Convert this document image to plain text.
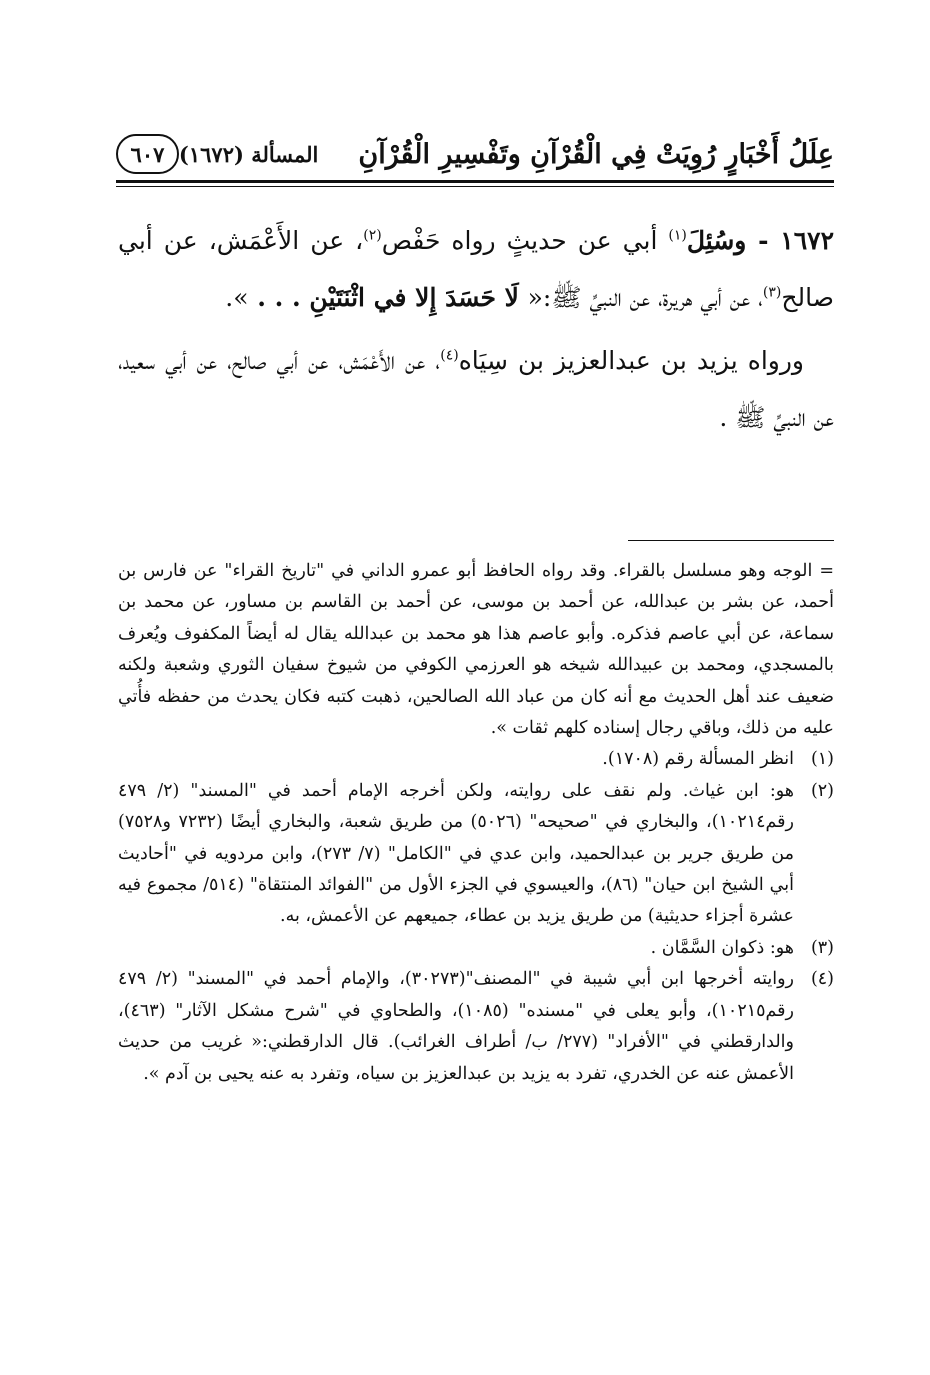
عِلَلُ أَخْبَارٍ رُوِيَتْ فِي الْقُرْآنِ وتَفْسِيرِ الْقُرْآنِ
المسألة (١٦٧٢)
٦٠٧

١٦٧٢ - وسُئِلَ$^{(١)}$ أبي عن حديثٍ رواه حَفْص$^{(٢)}$، عن الأَعْمَش، عن أبي صالح$^{(٣)}$، عن أبي هريرة، عن النبيِّ ﷺ:« لَا حَسَدَ إِلا في اثْنَتَيْنِ . . . ».

ورواه يزيد بن عبدالعزيز بن سِيَاه$^{(٤)}$، عن الأَعْمَش، عن أبي صالح، عن أبي سعيد، عن النبيِّ ﷺ .

= الوجه وهو مسلسل بالقراء. وقد رواه الحافظ أبو عمرو الداني في "تاريخ القراء" عن فارس بن أحمد، عن بشر بن عبدالله، عن أحمد بن موسى، عن أحمد بن القاسم بن مساور، عن محمد بن سماعة، عن أبي عاصم فذكره. وأبو عاصم هذا هو محمد بن عبدالله يقال له أيضاً المكفوف ويُعرف بالمسجدي، ومحمد بن عبيدالله شيخه هو العرزمي الكوفي من شيوخ سفيان الثوري وشعبة ولكنه ضعيف عند أهل الحديث مع أنه كان من عباد الله الصالحين، ذهبت كتبه فكان يحدث من حفظه فأُتي عليه من ذلك، وباقي رجال إسناده كلهم ثقات ».
(١)
انظر المسألة رقم (١٧٠٨).
(٢)
هو: ابن غياث. ولم نقف على روايته، ولكن أخرجه الإمام أحمد في "المسند" (٢/ ٤٧٩ رقم١٠٢١٤)، والبخاري في "صحيحه" (٥٠٢٦) من طريق شعبة، والبخاري أيضًا (٧٢٣٢ و٧٥٢٨) من طريق جرير بن عبدالحميد، وابن عدي في "الكامل" (٧/ ٢٧٣)، وابن مردويه في "أحاديث أبي الشيخ ابن حيان" (٨٦)، والعيسوي في الجزء الأول من "الفوائد المنتقاة" (٥١٤/ مجموع فيه عشرة أجزاء حديثية) من طريق يزيد بن عطاء، جميعهم عن الأعمش، به.
(٣)
هو: ذكوان السَّمَّان .
(٤)
روايته أخرجها ابن أبي شيبة في "المصنف"(٣٠٢٧٣)، والإمام أحمد في "المسند" (٢/ ٤٧٩ رقم١٠٢١٥)، وأبو يعلى في "مسنده" (١٠٨٥)، والطحاوي في "شرح مشكل الآثار" (٤٦٣)، والدارقطني في "الأفراد" (٢٧٧/ ب/ أطراف الغرائب). قال الدارقطني:« غريب من حديث الأعمش عنه عن الخدري، تفرد به يزيد بن عبدالعزيز بن سياه، وتفرد به عنه يحيى بن آدم ».
